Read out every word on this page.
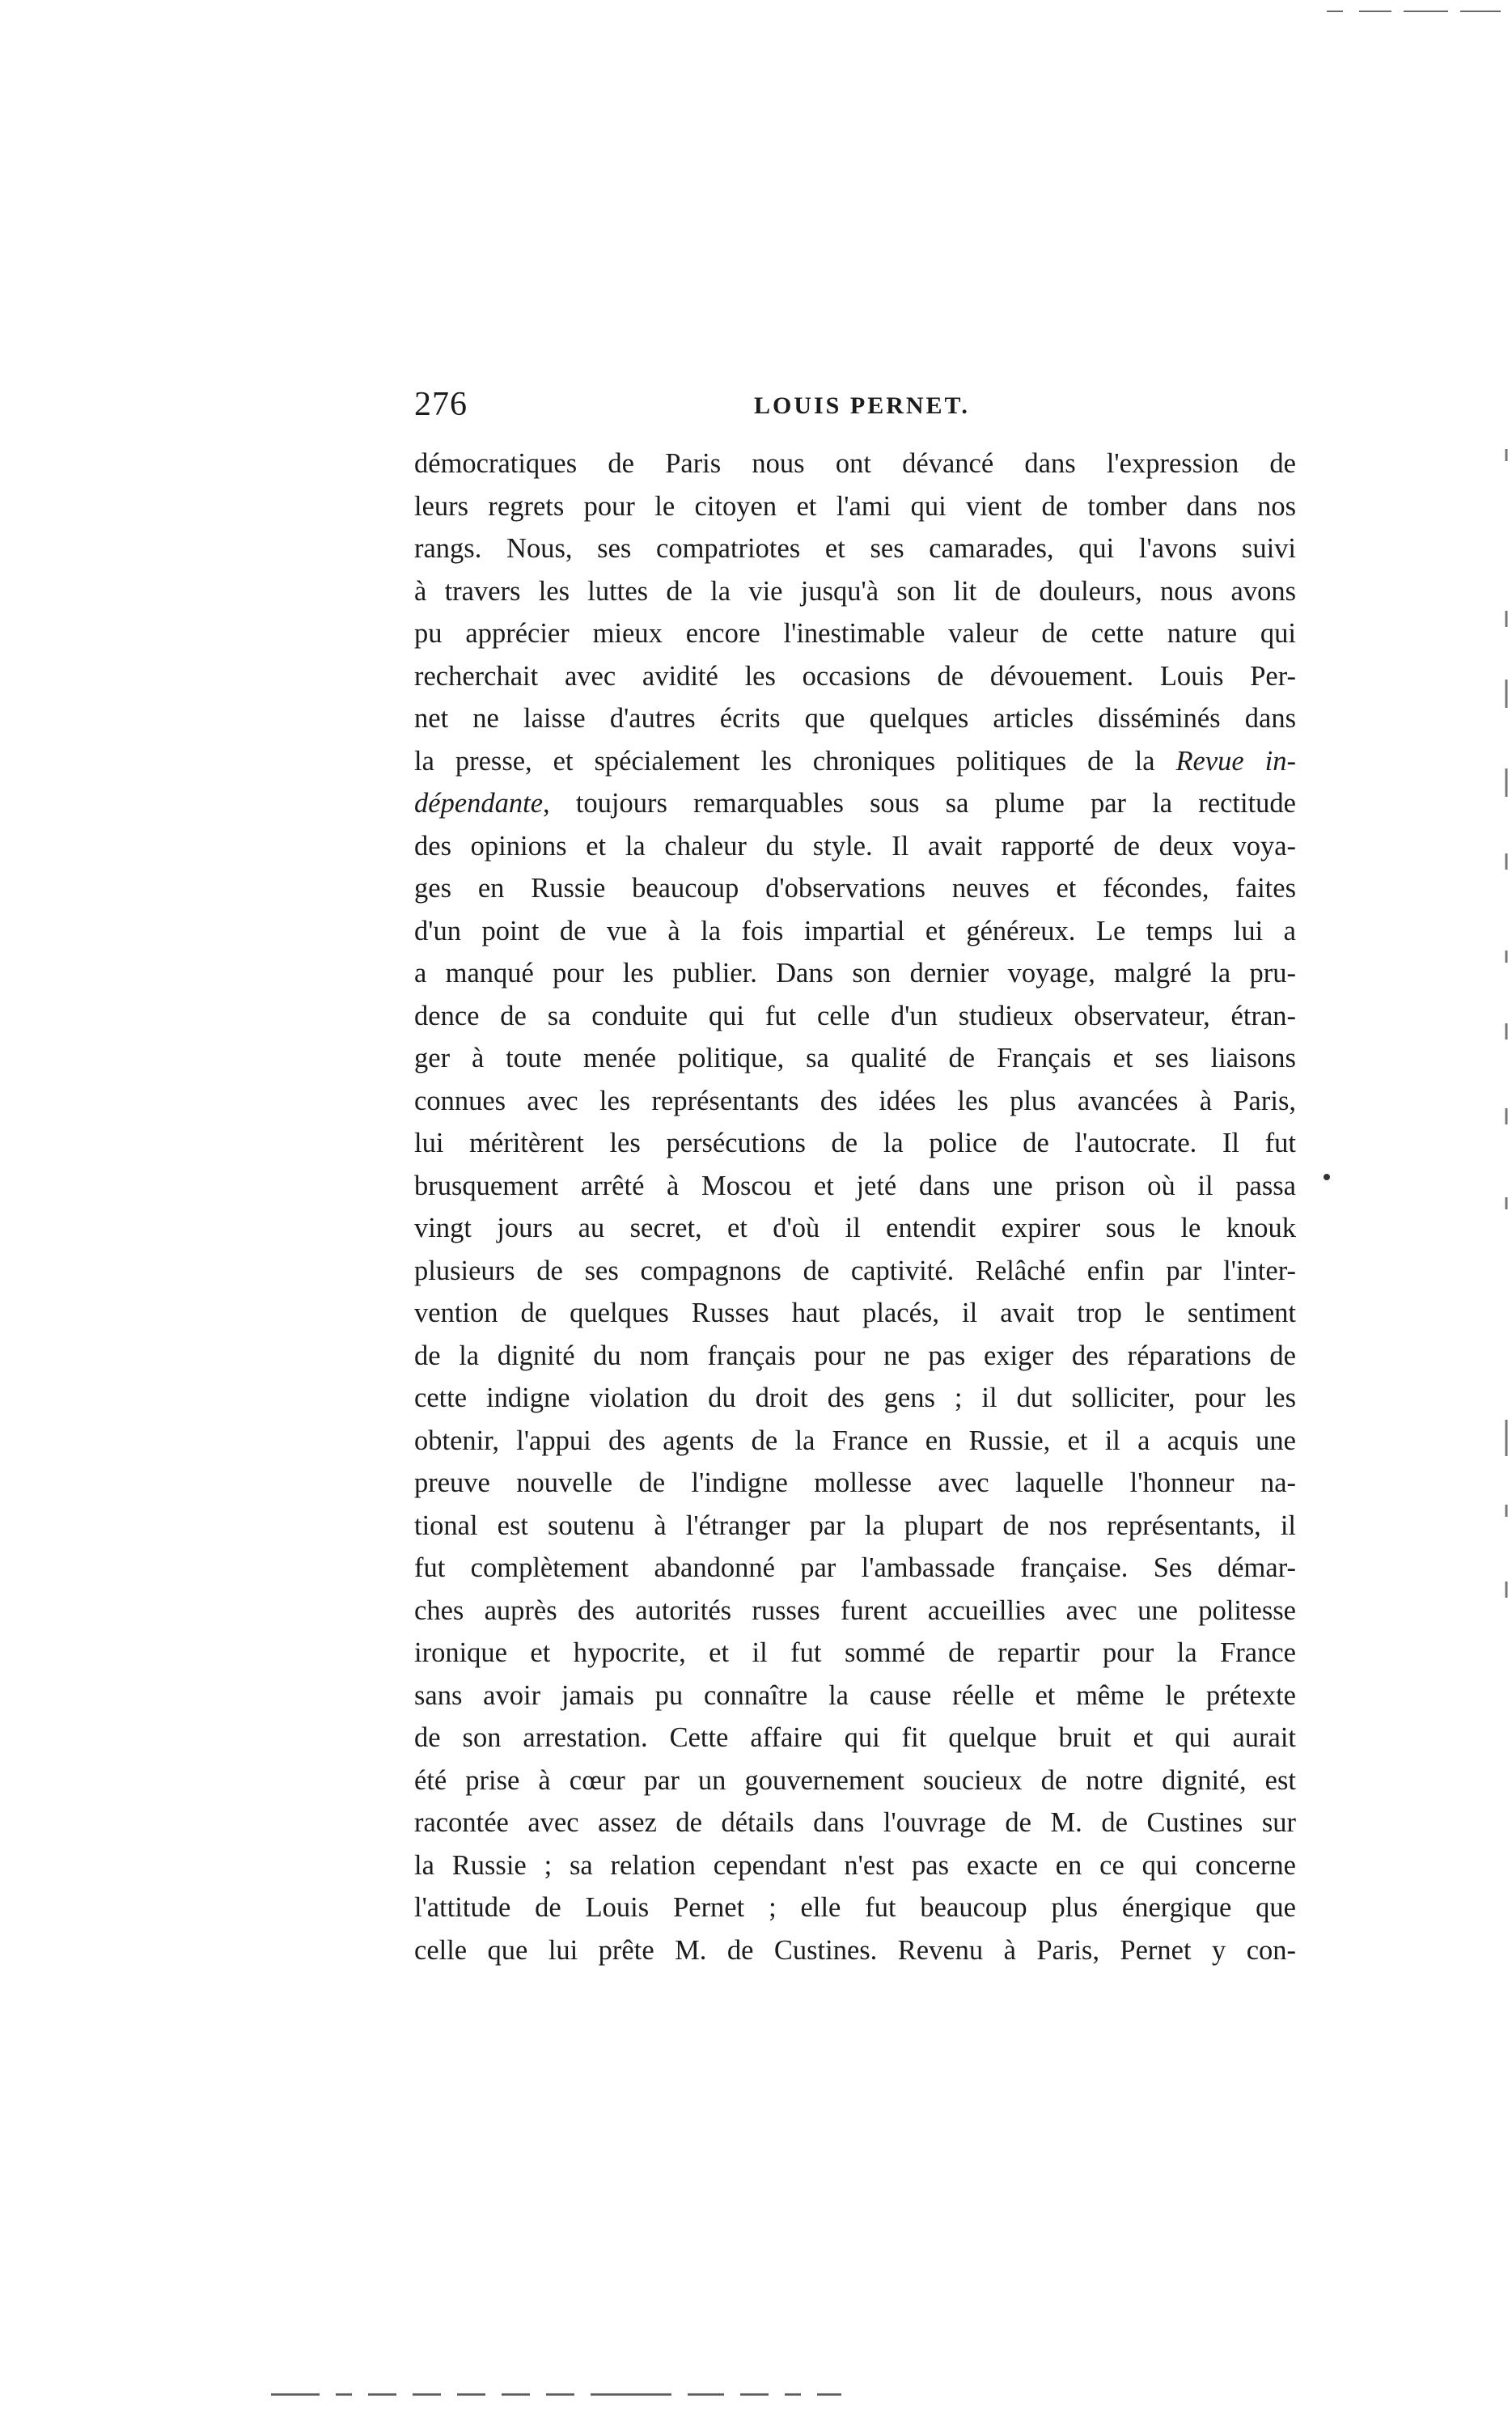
276	LOUIS PERNET.
démocratiques de Paris nous ont dévancé dans l'expression de
leurs regrets pour le citoyen et l'ami qui vient de tomber dans nos
rangs. Nous, ses compatriotes et ses camarades, qui l'avons suivi
à travers les luttes de la vie jusqu'à son lit de douleurs, nous avons
pu apprécier mieux encore l'inestimable valeur de cette nature qui
recherchait avec avidité les occasions de dévouement. Louis Per-
net ne laisse d'autres écrits que quelques articles disséminés dans
la presse, et spécialement les chroniques politiques de la Revue in-
dépendante, toujours remarquables sous sa plume par la rectitude
des opinions et la chaleur du style. Il avait rapporté de deux voya-
ges en Russie beaucoup d'observations neuves et fécondes, faites
d'un point de vue à la fois impartial et généreux. Le temps lui a
a manqué pour les publier. Dans son dernier voyage, malgré la pru-
dence de sa conduite qui fut celle d'un studieux observateur, étran-
ger à toute menée politique, sa qualité de Français et ses liaisons
connues avec les représentants des idées les plus avancées à Paris,
lui méritèrent les persécutions de la police de l'autocrate. Il fut
brusquement arrêté à Moscou et jeté dans une prison où il passa
vingt jours au secret, et d'où il entendit expirer sous le knouk
plusieurs de ses compagnons de captivité. Relâché enfin par l'inter-
vention de quelques Russes haut placés, il avait trop le sentiment
de la dignité du nom français pour ne pas exiger des réparations de
cette indigne violation du droit des gens ; il dut solliciter, pour les
obtenir, l'appui des agents de la France en Russie, et il a acquis une
preuve nouvelle de l'indigne mollesse avec laquelle l'honneur na-
tional est soutenu à l'étranger par la plupart de nos représentants, il
fut complètement abandonné par l'ambassade française. Ses démar-
ches auprès des autorités russes furent accueillies avec une politesse
ironique et hypocrite, et il fut sommé de repartir pour la France
sans avoir jamais pu connaître la cause réelle et même le prétexte
de son arrestation. Cette affaire qui fit quelque bruit et qui aurait
été prise à cœur par un gouvernement soucieux de notre dignité, est
racontée avec assez de détails dans l'ouvrage de M. de Custines sur
la Russie ; sa relation cependant n'est pas exacte en ce qui concerne
l'attitude de Louis Pernet ; elle fut beaucoup plus énergique que
celle que lui prête M. de Custines. Revenu à Paris, Pernet y con-
